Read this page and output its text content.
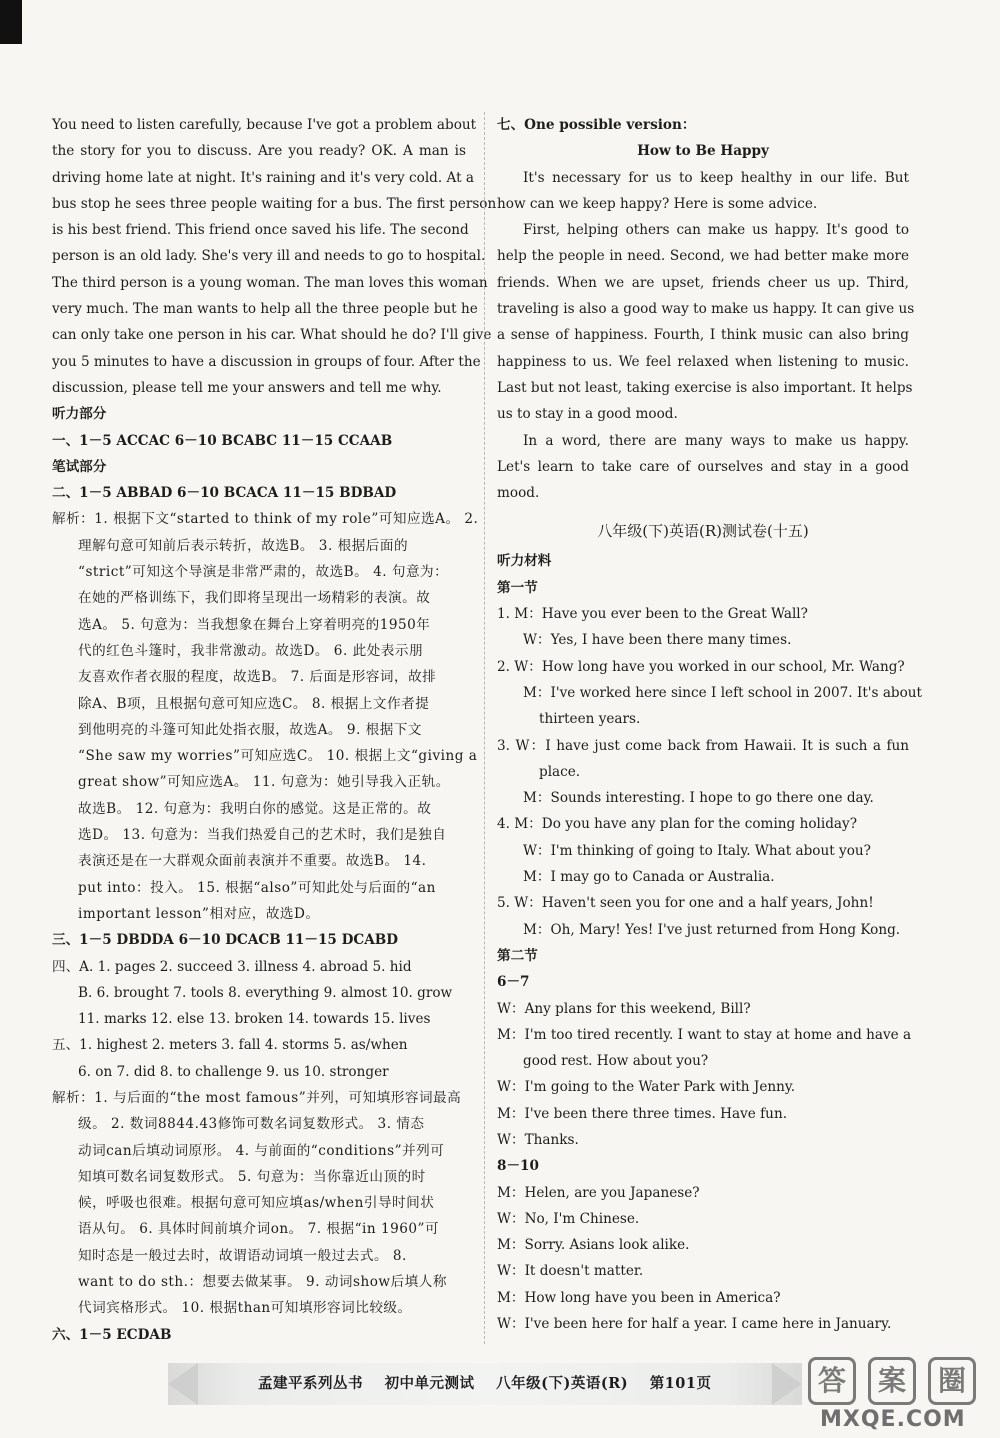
You need to listen carefully, because I've got a problem about
the story for you to discuss. Are you ready? OK. A man is
driving home late at night. It's raining and it's very cold. At a
bus stop he sees three people waiting for a bus. The first person
is his best friend. This friend once saved his life. The second
person is an old lady. She's very ill and needs to go to hospital.
The third person is a young woman. The man loves this woman
very much. The man wants to help all the three people but he
can only take one person in his car. What should he do? I'll give
you 5 minutes to have a discussion in groups of four. After the
discussion, please tell me your answers and tell me why.
听力部分
一、1－5 ACCAC 6－10 BCABC 11－15 CCAAB
笔试部分
二、1－5 ABBAD 6－10 BCACA 11－15 BDBAD
解析：1. 根据下文“started to think of my role”可知应选A。 2.
理解句意可知前后表示转折，故选B。 3. 根据后面的
“strict”可知这个导演是非常严肃的，故选B。 4. 句意为：
在她的严格训练下，我们即将呈现出一场精彩的表演。故
选A。 5. 句意为：当我想象在舞台上穿着明亮的1950年
代的红色斗篷时，我非常激动。故选D。 6. 此处表示朋
友喜欢作者衣服的程度，故选B。 7. 后面是形容词，故排
除A、B项，且根据句意可知应选C。 8. 根据上文作者提
到他明亮的斗篷可知此处指衣服，故选A。 9. 根据下文
“She saw my worries”可知应选C。 10. 根据上文“giving a
great show”可知应选A。 11. 句意为：她引导我入正轨。
故选B。 12. 句意为：我明白你的感觉。这是正常的。故
选D。 13. 句意为：当我们热爱自己的艺术时，我们是独自
表演还是在一大群观众面前表演并不重要。故选B。 14.
put into：投入。 15. 根据“also”可知此处与后面的“an
important lesson”相对应，故选D。
三、1－5 DBDDA 6－10 DCACB 11－15 DCABD
四、A. 1. pages 2. succeed 3. illness 4. abroad 5. hid
B. 6. brought 7. tools 8. everything 9. almost 10. grow
11. marks 12. else 13. broken 14. towards 15. lives
五、1. highest 2. meters 3. fall 4. storms 5. as/when
6. on 7. did 8. to challenge 9. us 10. stronger
解析：1. 与后面的“the most famous”并列，可知填形容词最高
级。 2. 数词8844.43修饰可数名词复数形式。 3. 情态
动词can后填动词原形。 4. 与前面的“conditions”并列可
知填可数名词复数形式。 5. 句意为：当你靠近山顶的时
候，呼吸也很难。根据句意可知应填as/when引导时间状
语从句。 6. 具体时间前填介词on。 7. 根据“in 1960”可
知时态是一般过去时，故谓语动词填一般过去式。 8.
want to do sth.：想要去做某事。 9. 动词show后填人称
代词宾格形式。 10. 根据than可知填形容词比较级。
六、1－5 ECDAB
七、One possible version：
How to Be Happy
It's necessary for us to keep healthy in our life. But
how can we keep happy? Here is some advice.
First, helping others can make us happy. It's good to
help the people in need. Second, we had better make more
friends. When we are upset, friends cheer us up. Third,
traveling is also a good way to make us happy. It can give us
a sense of happiness. Fourth, I think music can also bring
happiness to us. We feel relaxed when listening to music.
Last but not least, taking exercise is also important. It helps
us to stay in a good mood.
In a word, there are many ways to make us happy.
Let's learn to take care of ourselves and stay in a good
mood.
八年级(下)英语(R)测试卷(十五)
听力材料
第一节
1. M：Have you ever been to the Great Wall?
W：Yes, I have been there many times.
2. W：How long have you worked in our school, Mr. Wang?
M：I've worked here since I left school in 2007. It's about
thirteen years.
3. W：I have just come back from Hawaii. It is such a fun
place.
M：Sounds interesting. I hope to go there one day.
4. M：Do you have any plan for the coming holiday?
W：I'm thinking of going to Italy. What about you?
M：I may go to Canada or Australia.
5. W：Haven't seen you for one and a half years, John!
M：Oh, Mary! Yes! I've just returned from Hong Kong.
第二节
6－7
W：Any plans for this weekend, Bill?
M：I'm too tired recently. I want to stay at home and have a
good rest. How about you?
W：I'm going to the Water Park with Jenny.
M：I've been there three times. Have fun.
W：Thanks.
8－10
M：Helen, are you Japanese?
W：No, I'm Chinese.
M：Sorry. Asians look alike.
W：It doesn't matter.
M：How long have you been in America?
W：I've been here for half a year. I came here in January.
孟建平系列丛书 初中单元测试 八年级(下)英语(R) 第101页	答	案	圈
MXQE.COM
